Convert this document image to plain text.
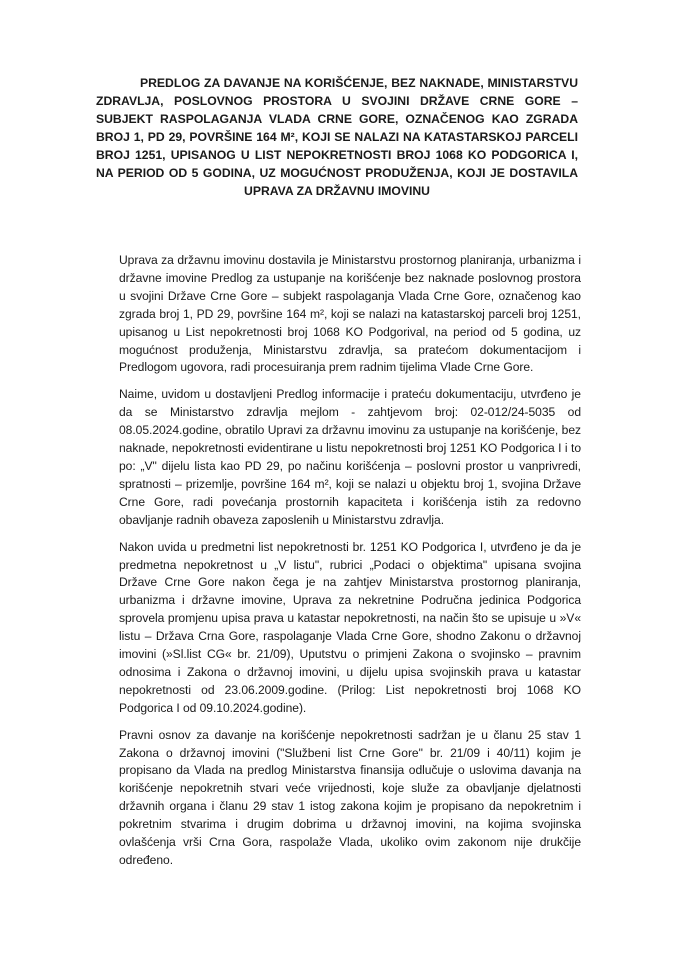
PREDLOG ZA DAVANJE NA KORIŠĆENJE, BEZ NAKNADE, MINISTARSTVU ZDRAVLJA, POSLOVNOG PROSTORA U SVOJINI DRŽAVE CRNE GORE – SUBJEKT RASPOLAGANJA VLADA CRNE GORE, OZNAČENOG KAO ZGRADA BROJ 1, PD 29, POVRŠINE 164 M², KOJI SE NALAZI NA KATASTARSKOJ PARCELI BROJ 1251, UPISANOG U LIST NEPOKRETNOSTI BROJ 1068 KO PODGORICA I, NA PERIOD OD 5 GODINA, UZ MOGUĆNOST PRODUŽENJA, KOJI JE DOSTAVILA UPRAVA ZA DRŽAVNU IMOVINU

Uprava za državnu imovinu dostavila je Ministarstvu prostornog planiranja, urbanizma i državne imovine Predlog za ustupanje na korišćenje bez naknade poslovnog prostora u svojini Države Crne Gore – subjekt raspolaganja Vlada Crne Gore, označenog kao zgrada broj 1, PD 29, površine 164 m², koji se nalazi na katastarskoj parceli broj 1251, upisanog u List nepokretnosti broj 1068 KO Podgorival, na period od 5 godina, uz mogućnost produženja, Ministarstvu zdravlja, sa pratećom dokumentacijom i Predlogom ugovora, radi procesuiranja prem radnim tijelima Vlade Crne Gore.

Naime, uvidom u dostavljeni Predlog informacije i prateću dokumentaciju, utvrđeno je da se Ministarstvo zdravlja mejlom - zahtjevom broj: 02-012/24-5035 od 08.05.2024.godine, obratilo Upravi za državnu imovinu za ustupanje na korišćenje, bez naknade, nepokretnosti evidentirane u listu nepokretnosti broj 1251 KO Podgorica I i to po: „V" dijelu lista kao PD 29, po načinu korišćenja – poslovni prostor u vanprivredi, spratnosti – prizemlje, površine 164 m², koji se nalazi u objektu broj 1, svojina Države Crne Gore, radi povećanja prostornih kapaciteta i korišćenja istih za redovno obavljanje radnih obaveza zaposlenih u Ministarstvu zdravlja.

Nakon uvida u predmetni list nepokretnosti br. 1251 KO Podgorica I, utvrđeno je da je predmetna nepokretnost u „V listu", rubrici „Podaci o objektima" upisana svojina Države Crne Gore nakon čega je na zahtjev Ministarstva prostornog planiranja, urbanizma i državne imovine, Uprava za nekretnine Područna jedinica Podgorica sprovela promjenu upisa prava u katastar nepokretnosti, na način što se upisuje u »V« listu – Država Crna Gore, raspolaganje Vlada Crne Gore, shodno Zakonu o državnoj imovini (»Sl.list CG« br. 21/09), Uputstvu o primjeni Zakona o svojinsko – pravnim odnosima i Zakona o državnoj imovini, u dijelu upisa svojinskih prava u katastar nepokretnosti od 23.06.2009.godine. (Prilog: List nepokretnosti broj 1068 KO Podgorica I od 09.10.2024.godine).

Pravni osnov za davanje na korišćenje nepokretnosti sadržan je u članu 25 stav 1 Zakona o državnoj imovini ("Službeni list Crne Gore" br. 21/09 i 40/11) kojim je propisano da Vlada na predlog Ministarstva finansija odlučuje o uslovima davanja na korišćenje nepokretnih stvari veće vrijednosti, koje služe za obavljanje djelatnosti državnih organa i članu 29 stav 1 istog zakona kojim je propisano da nepokretnim i pokretnim stvarima i drugim dobrima u državnoj imovini, na kojima svojinska ovlašćenja vrši Crna Gora, raspolaže Vlada, ukoliko ovim zakonom nije drukčije određeno.
